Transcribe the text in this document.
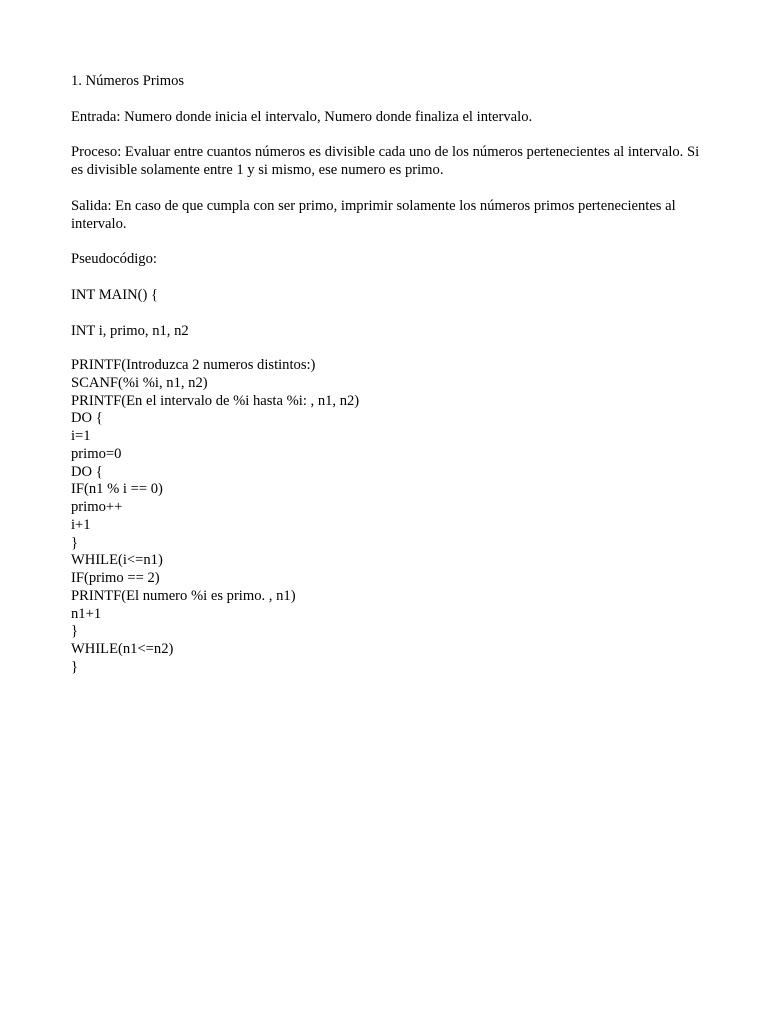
1. Números Primos

Entrada: Numero donde inicia el intervalo, Numero donde finaliza el intervalo.

Proceso: Evaluar entre cuantos números es divisible cada uno de los números pertenecientes al intervalo. Si es divisible solamente entre 1 y si mismo, ese numero es primo.

Salida: En caso de que cumpla con ser primo, imprimir solamente los números primos pertenecientes al intervalo.

Pseudocódigo:

INT MAIN() {

INT i, primo, n1, n2

PRINTF(Introduzca 2 numeros distintos:)
SCANF(%i %i, n1, n2)
PRINTF(En el intervalo de %i hasta %i: , n1, n2)
DO {
i=1
primo=0
DO {
IF(n1 % i == 0)
primo++
i+1
}
WHILE(i<=n1)
IF(primo == 2)
PRINTF(El numero %i es primo. , n1)
n1+1
}
WHILE(n1<=n2)
}
